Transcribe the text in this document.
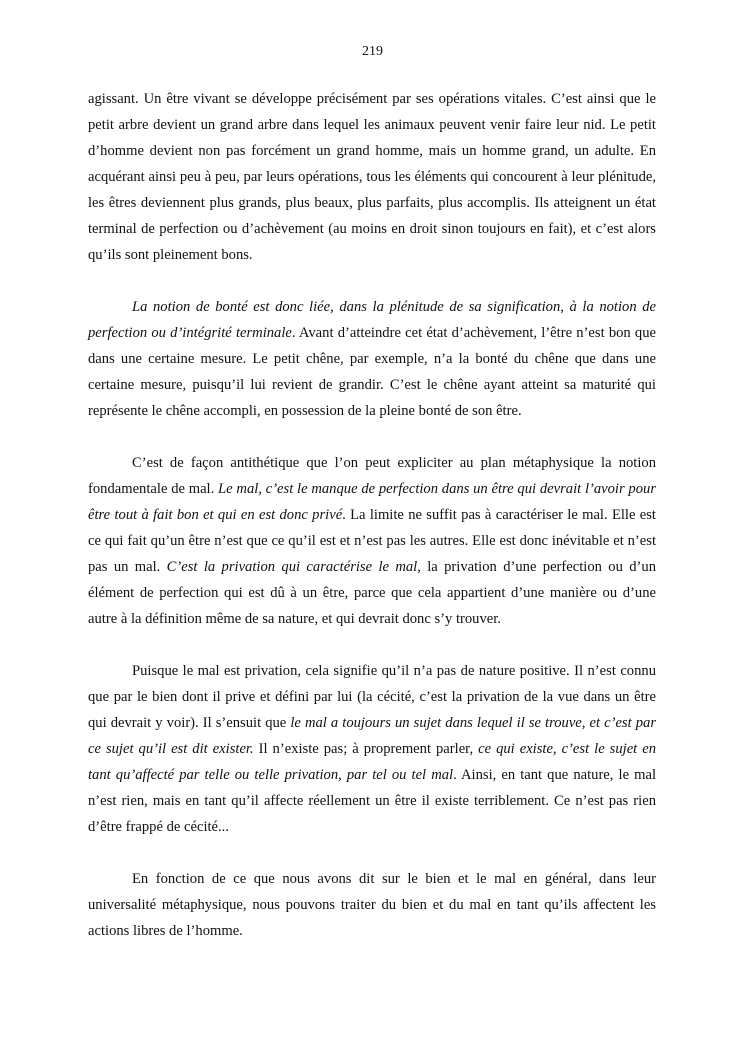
219

agissant. Un être vivant se développe précisément par ses opérations vitales. C’est ainsi que le petit arbre devient un grand arbre dans lequel les animaux peuvent venir faire leur nid. Le petit d’homme devient non pas forcément un grand homme, mais un homme grand, un adulte. En acquérant ainsi peu à peu, par leurs opérations, tous les éléments qui concourent à leur plénitude, les êtres deviennent plus grands, plus beaux, plus parfaits, plus accomplis. Ils atteignent un état terminal de perfection ou d’achèvement (au moins en droit sinon toujours en fait), et c’est alors qu’ils sont pleinement bons.

La notion de bonté est donc liée, dans la plénitude de sa signification, à la notion de perfection ou d’intégrité terminale. Avant d’atteindre cet état d’achèvement, l’être n’est bon que dans une certaine mesure. Le petit chêne, par exemple, n’a la bonté du chêne que dans une certaine mesure, puisqu’il lui revient de grandir. C’est le chêne ayant atteint sa maturité qui représente le chêne accompli, en possession de la pleine bonté de son être.

C’est de façon antithétique que l’on peut expliciter au plan métaphysique la notion fondamentale de mal. Le mal, c’est le manque de perfection dans un être qui devrait l’avoir pour être tout à fait bon et qui en est donc privé. La limite ne suffit pas à caractériser le mal. Elle est ce qui fait qu’un être n’est que ce qu’il est et n’est pas les autres. Elle est donc inévitable et n’est pas un mal. C’est la privation qui caractérise le mal, la privation d’une perfection ou d’un élément de perfection qui est dû à un être, parce que cela appartient d’une manière ou d’une autre à la définition même de sa nature, et qui devrait donc s’y trouver.

Puisque le mal est privation, cela signifie qu’il n’a pas de nature positive. Il n’est connu que par le bien dont il prive et défini par lui (la cécité, c’est la privation de la vue dans un être qui devrait y voir). Il s’ensuit que le mal a toujours un sujet dans lequel il se trouve, et c’est par ce sujet qu’il est dit exister. Il n’existe pas; à proprement parler, ce qui existe, c’est le sujet en tant qu’affecté par telle ou telle privation, par tel ou tel mal. Ainsi, en tant que nature, le mal n’est rien, mais en tant qu’il affecte réellement un être il existe terriblement. Ce n’est pas rien d’être frappé de cécité...

En fonction de ce que nous avons dit sur le bien et le mal en général, dans leur universalité métaphysique, nous pouvons traiter du bien et du mal en tant qu’ils affectent les actions libres de l’homme.
